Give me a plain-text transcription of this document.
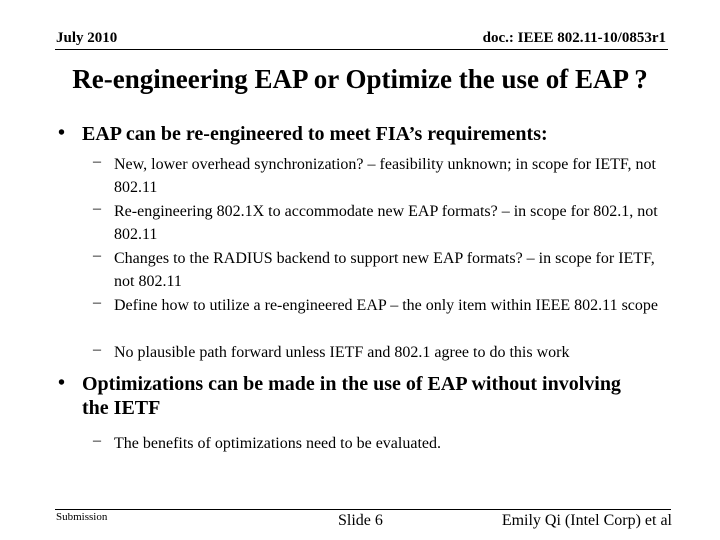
July 2010	doc.: IEEE 802.11-10/0853r1
Re-engineering EAP or Optimize the use of EAP ?
• EAP can be re-engineered to meet FIA’s requirements:
– New, lower overhead synchronization? – feasibility unknown; in scope for IETF, not 802.11
– Re-engineering 802.1X to accommodate new EAP formats? – in scope for 802.1, not 802.11
– Changes to the RADIUS backend to support new EAP formats? – in scope for IETF, not 802.11
– Define how to utilize a re-engineered EAP – the only item within IEEE 802.11 scope
– No plausible path forward unless IETF and 802.1 agree to do this work
• Optimizations can be made in the use of EAP without involving the IETF
– The benefits of optimizations need to be evaluated.
Submission	Slide 6	Emily Qi (Intel Corp) et al
